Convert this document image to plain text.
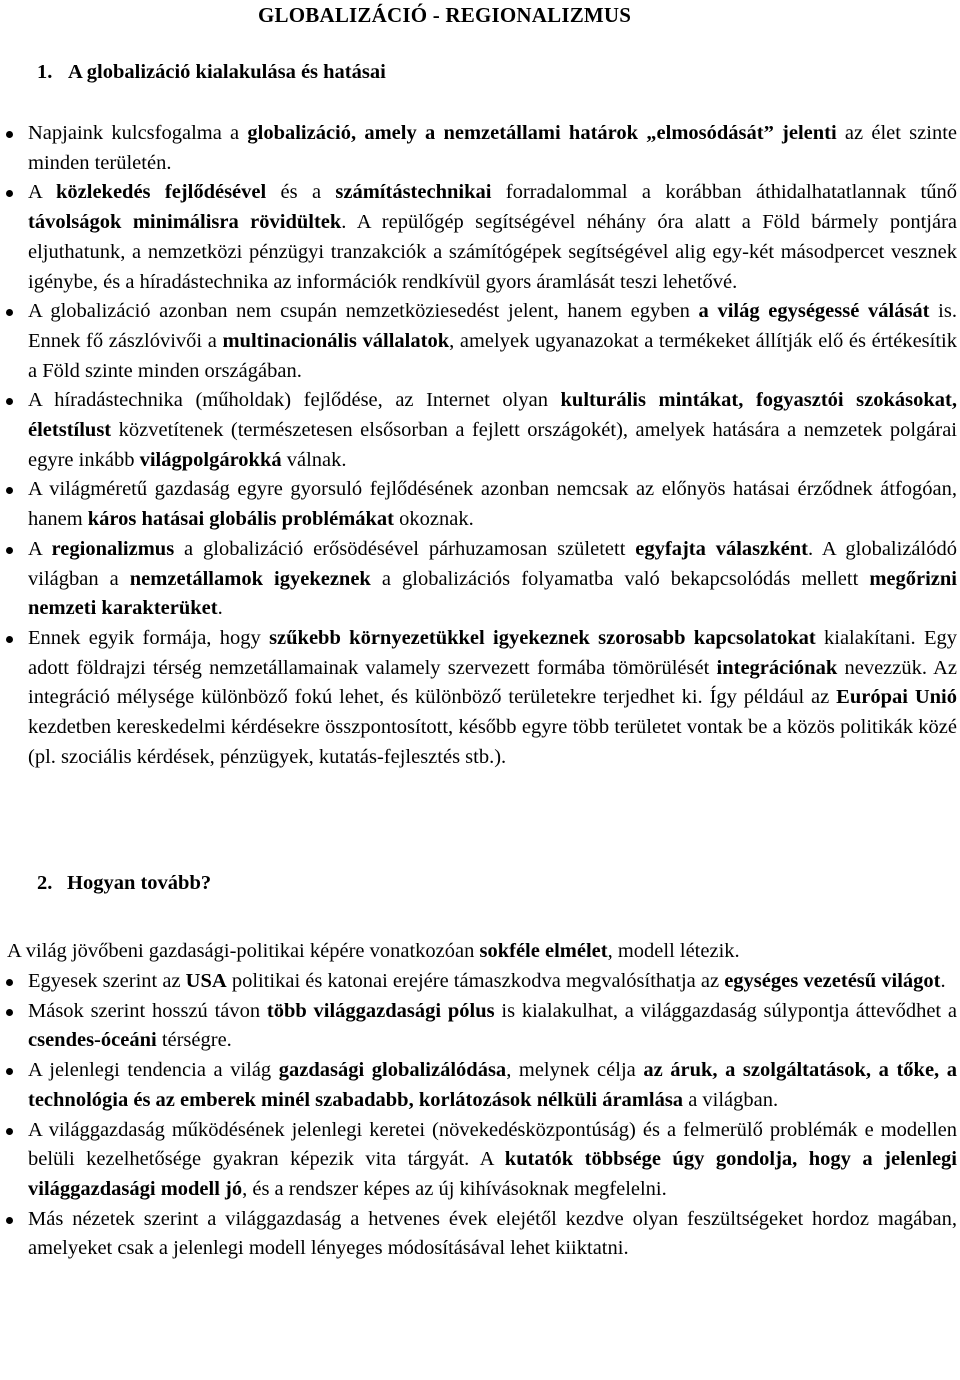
GLOBALIZÁCIÓ - REGIONALIZMUS
1. A globalizáció kialakulása és hatásai
Napjaink kulcsfogalma a globalizáció, amely a nemzetállami határok „elmosódását” jelenti az élet szinte minden területén.
A közlekedés fejlődésével és a számítástechnikai forradalommal a korábban áthidalhatatlannak tűnő távolságok minimálisra rövidültek. A repülőgép segítségével néhány óra alatt a Föld bármely pontjára eljuthatunk, a nemzetközi pénzügyi tranzakciók a számítógépek segítségével alig egy-két másodpercet vesznek igénybe, és a híradástechnika az információk rendkívül gyors áramlását teszi lehetővé.
A globalizáció azonban nem csupán nemzetköziesedést jelent, hanem egyben a világ egységessé válását is. Ennek fő zászlóvivői a multinacionális vállalatok, amelyek ugyanazokat a termékeket állítják elő és értékesítik a Föld szinte minden országában.
A híradástechnika (műholdak) fejlődése, az Internet olyan kulturális mintákat, fogyasztói szokásokat, életstílust közvetítenek (természetesen elsősorban a fejlett országokét), amelyek hatására a nemzetek polgárai egyre inkább világpolgárokká válnak.
A világméretű gazdaság egyre gyorsuló fejlődésének azonban nemcsak az előnyös hatásai érződnek átfogóan, hanem káros hatásai globális problémákat okoznak.
A regionalizmus a globalizáció erősödésével párhuzamosan született egyfajta válaszként. A globalizálódó világban a nemzetállamok igyekeznek a globalizációs folyamatba való bekapcsolódás mellett megőrizni nemzeti karakterüket.
Ennek egyik formája, hogy szűkebb környezetükkel igyekeznek szorosabb kapcsolatokat kialakítani. Egy adott földrajzi térség nemzetállamainak valamely szervezett formába tömörülését integrációnak nevezzük. Az integráció mélysége különböző fokú lehet, és különböző területekre terjedhet ki. Így például az Európai Unió kezdetben kereskedelmi kérdésekre összpontosított, később egyre több területet vontak be a közös politikák közé (pl. szociális kérdések, pénzügyek, kutatás-fejlesztés stb.).
2. Hogyan tovább?

A világ jövőbeni gazdasági-politikai képére vonatkozóan sokféle elmélet, modell létezik.

Egyesek szerint az USA politikai és katonai erejére támaszkodva megvalósíthatja az egységes vezetésű világot.
Mások szerint hosszú távon több világgazdasági pólus is kialakulhat, a világgazdaság súlypontja áttevődhet a csendes-óceáni térségre.
A jelenlegi tendencia a világ gazdasági globalizálódása, melynek célja az áruk, a szolgáltatások, a tőke, a technológia és az emberek minél szabadabb, korlátozások nélküli áramlása a világban.
A világgazdaság működésének jelenlegi keretei (növekedésközpontúság) és a felmerülő problémák e modellen belüli kezelhetősége gyakran képezik vita tárgyát. A kutatók többsége úgy gondolja, hogy a jelenlegi világgazdasági modell jó, és a rendszer képes az új kihívásoknak megfelelni.
Más nézetek szerint a világgazdaság a hetvenes évek elejétől kezdve olyan feszültségeket hordoz magában, amelyeket csak a jelenlegi modell lényeges módosításával lehet kiiktatni.
